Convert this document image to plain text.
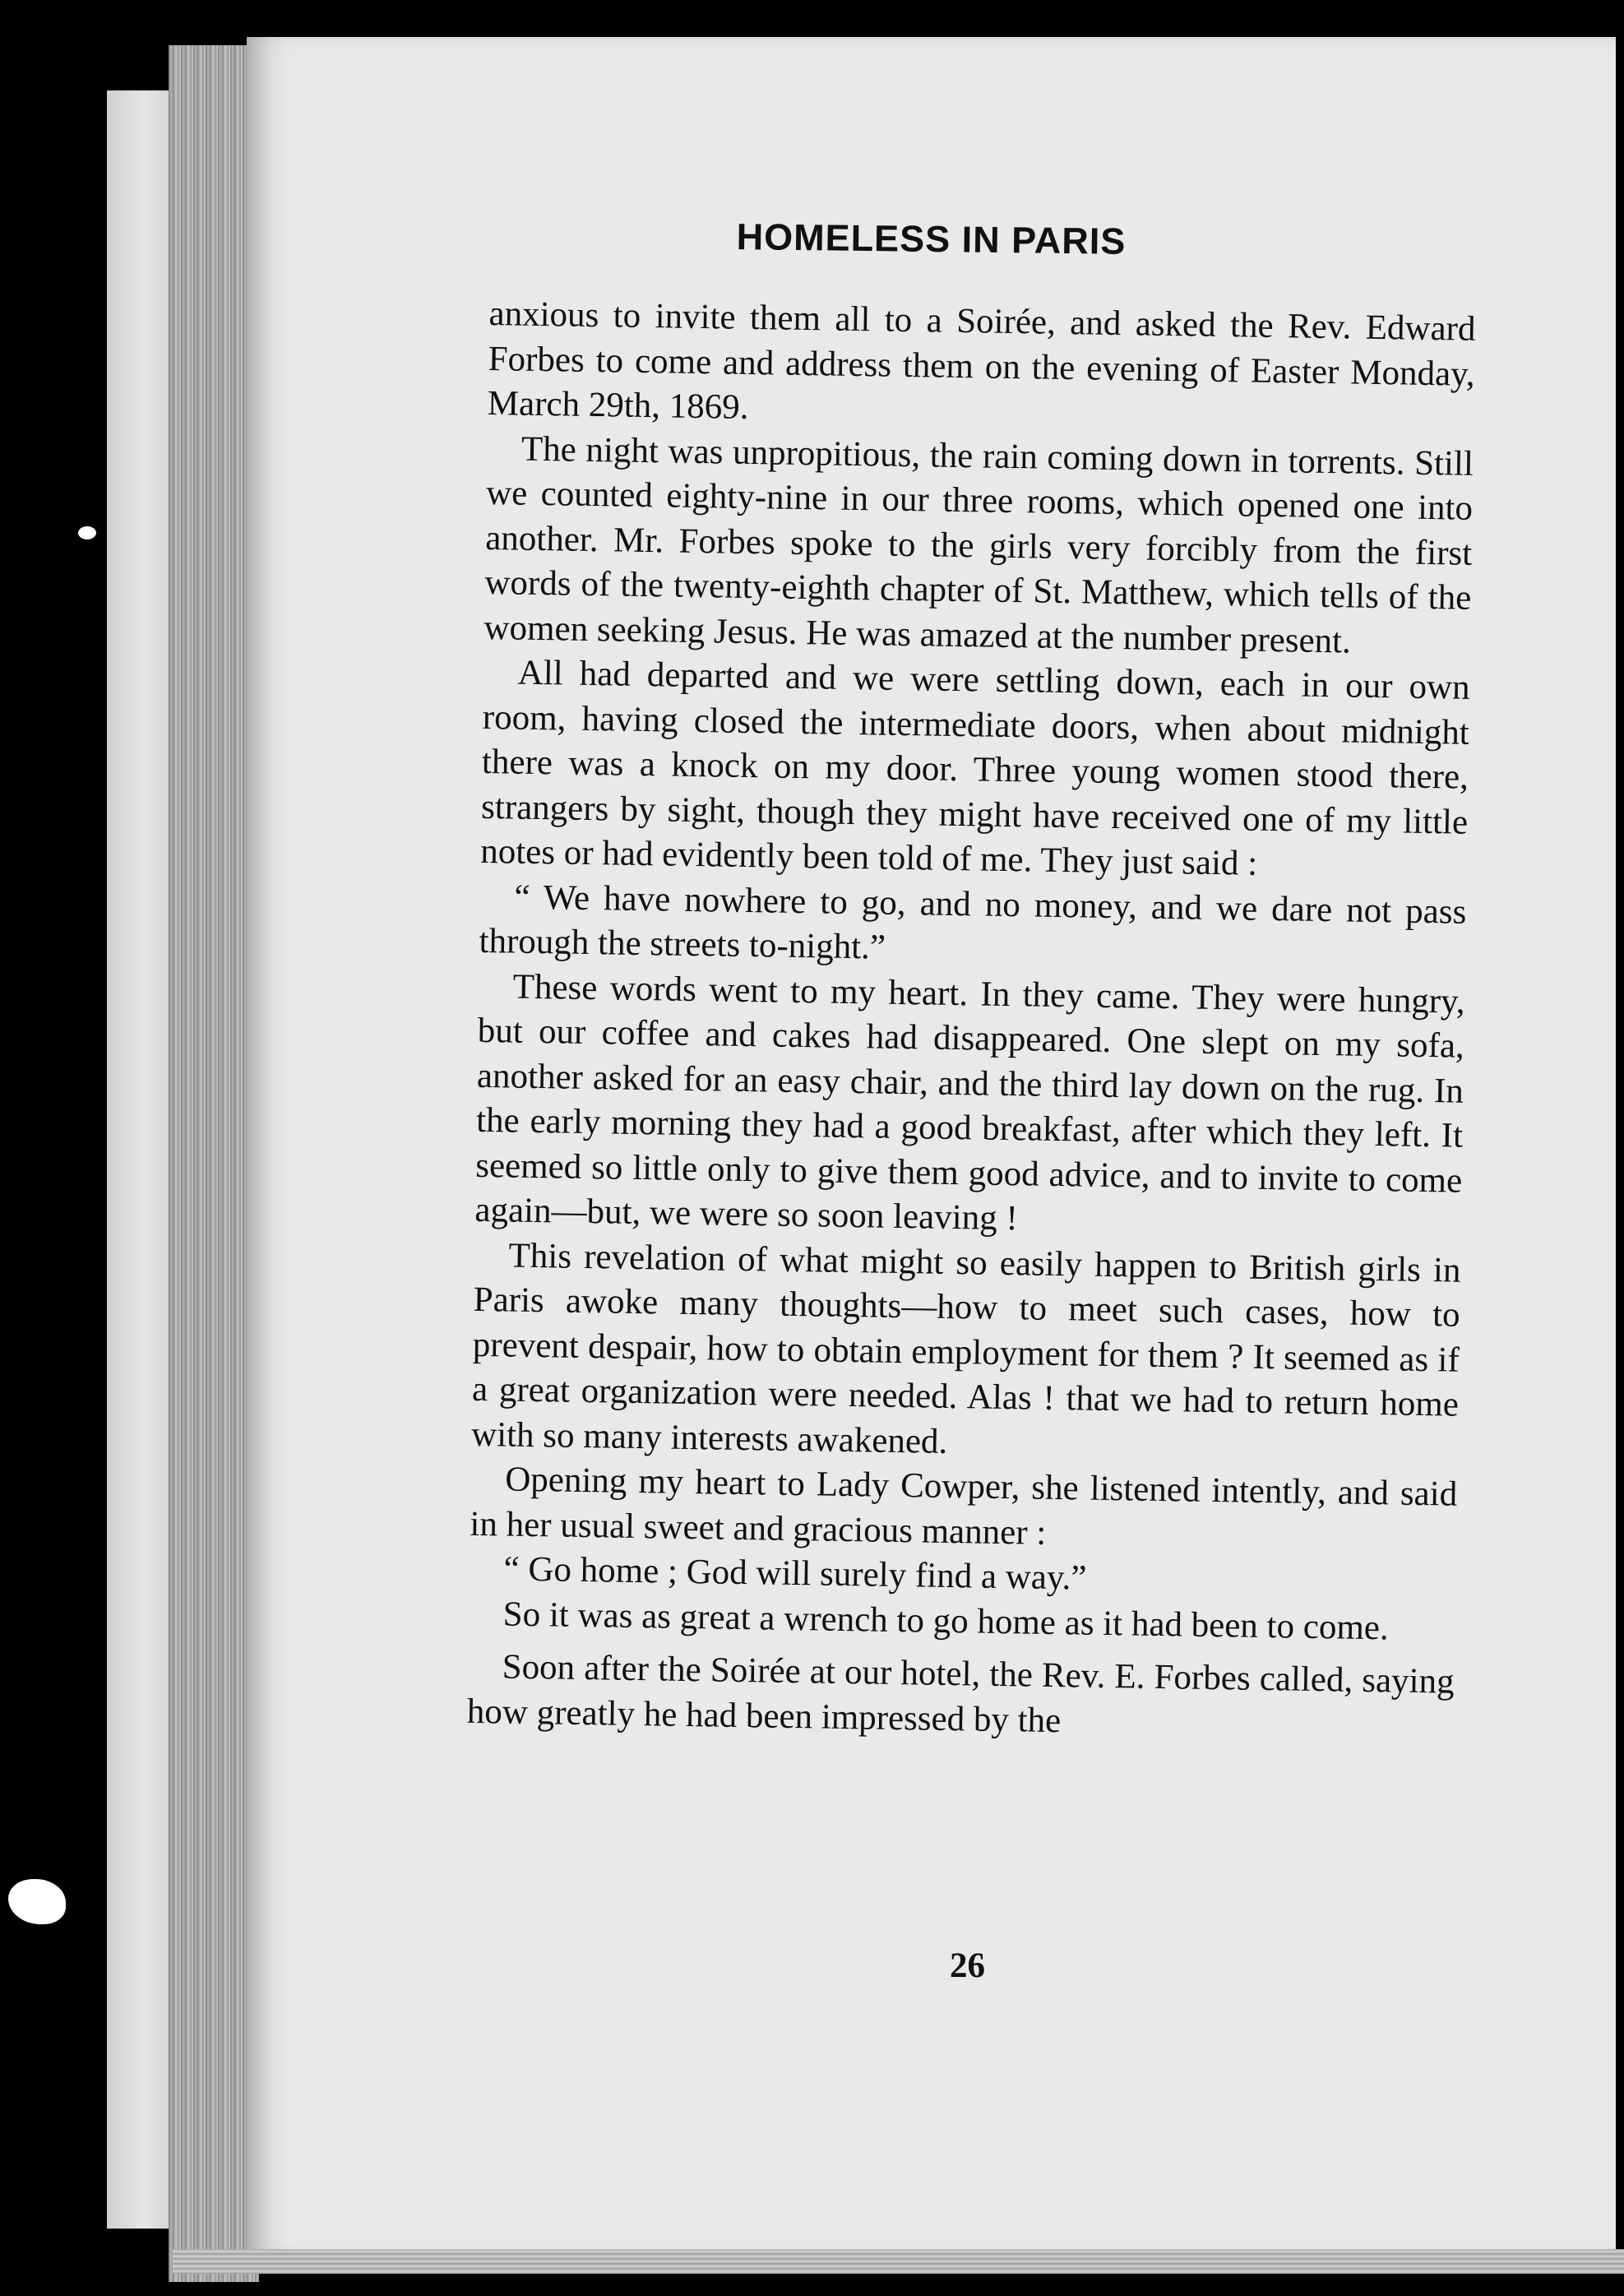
HOMELESS IN PARIS

anxious to invite them all to a Soirée, and asked the Rev. Edward Forbes to come and address them on the evening of Easter Monday, March 29th, 1869.

The night was unpropitious, the rain coming down in torrents. Still we counted eighty-nine in our three rooms, which opened one into another. Mr. Forbes spoke to the girls very forcibly from the first words of the twenty-eighth chapter of St. Matthew, which tells of the women seeking Jesus. He was amazed at the number present.

All had departed and we were settling down, each in our own room, having closed the intermediate doors, when about midnight there was a knock on my door. Three young women stood there, strangers by sight, though they might have received one of my little notes or had evidently been told of me. They just said :

“ We have nowhere to go, and no money, and we dare not pass through the streets to-night.”

These words went to my heart. In they came. They were hungry, but our coffee and cakes had disappeared. One slept on my sofa, another asked for an easy chair, and the third lay down on the rug. In the early morning they had a good breakfast, after which they left. It seemed so little only to give them good advice, and to invite to come again—but, we were so soon leaving !

This revelation of what might so easily happen to British girls in Paris awoke many thoughts—how to meet such cases, how to prevent despair, how to obtain employment for them ? It seemed as if a great organization were needed. Alas ! that we had to return home with so many interests awakened.

Opening my heart to Lady Cowper, she listened intently, and said in her usual sweet and gracious manner :

“ Go home ; God will surely find a way.”

So it was as great a wrench to go home as it had been to come.

Soon after the Soirée at our hotel, the Rev. E. Forbes called, saying how greatly he had been impressed by the

26
